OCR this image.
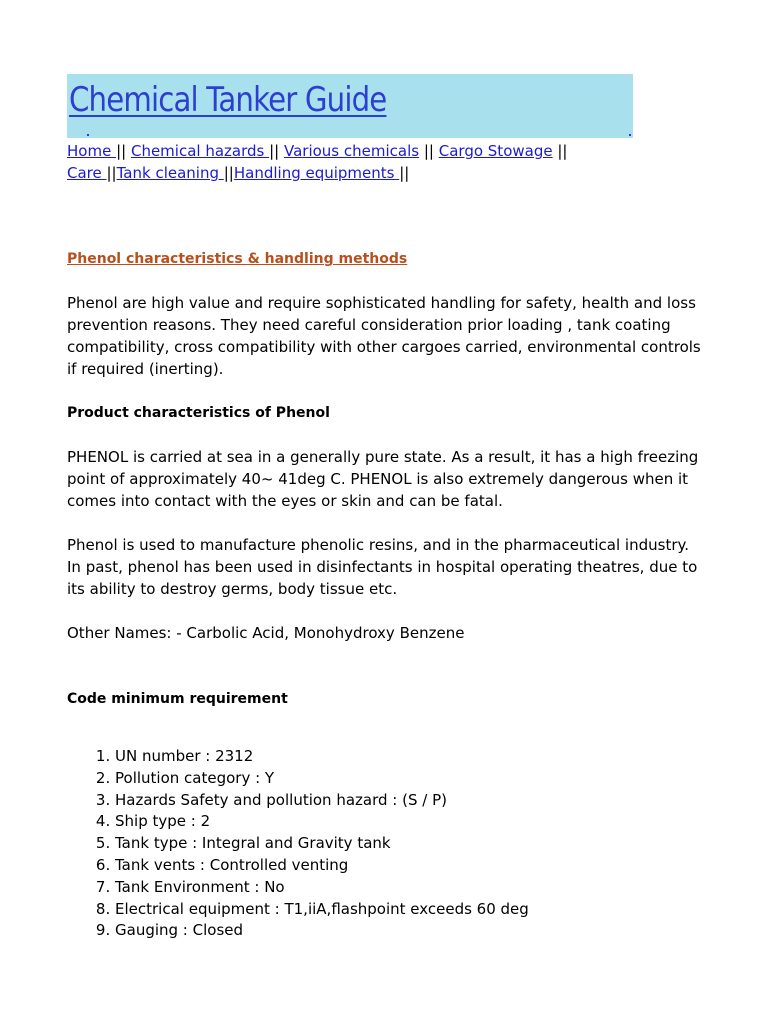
Chemical Tanker Guide
Home || Chemical hazards || Various chemicals || Cargo Stowage ||
Care ||Tank cleaning ||Handling equipments ||
Phenol characteristics & handling methods

Phenol are high value and require sophisticated handling for safety, health and loss prevention reasons. They need careful consideration prior loading , tank coating compatibility, cross compatibility with other cargoes carried, environmental controls if required (inerting).

Product characteristics of Phenol

PHENOL is carried at sea in a generally pure state. As a result, it has a high freezing point of approximately 40~ 41deg C. PHENOL is also extremely dangerous when it comes into contact with the eyes or skin and can be fatal.

Phenol is used to manufacture phenolic resins, and in the pharmaceutical industry. In past, phenol has been used in disinfectants in hospital operating theatres, due to its ability to destroy germs, body tissue etc.

Other Names: - Carbolic Acid, Monohydroxy Benzene

Code minimum requirement

1. UN number : 2312
2. Pollution category : Y
3. Hazards Safety and pollution hazard : (S / P)
4. Ship type : 2
5. Tank type : Integral and Gravity tank
6. Tank vents : Controlled venting
7. Tank Environment : No
8. Electrical equipment : T1,iiA,flashpoint exceeds 60 deg
9. Gauging : Closed
